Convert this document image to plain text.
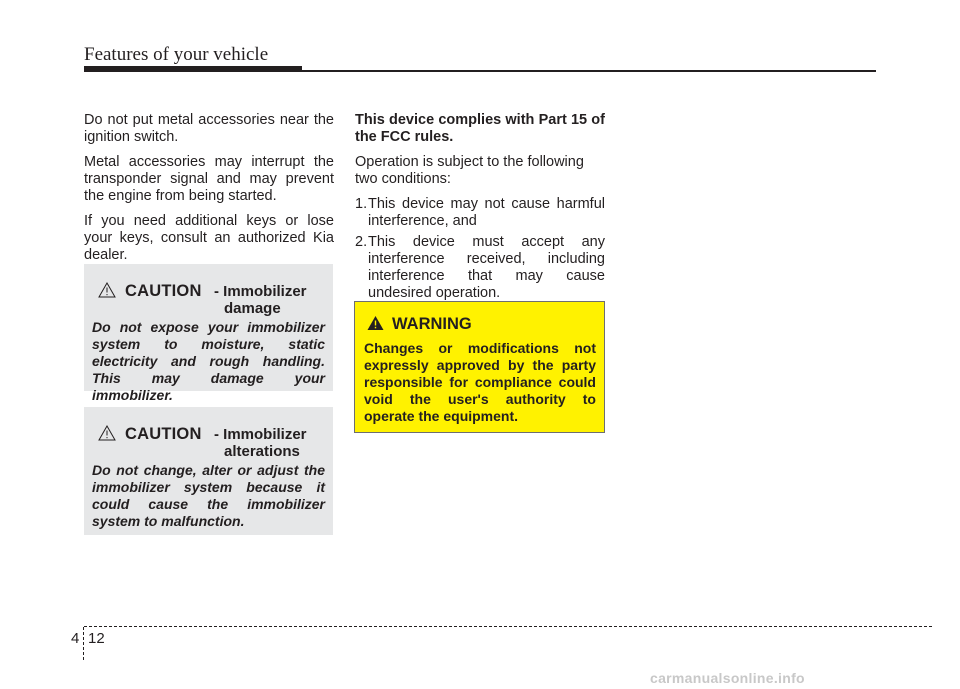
Features of your vehicle

Do not put metal accessories near the ignition switch.

Metal accessories may interrupt the transponder signal and may prevent the engine from being started.

If you need additional keys or lose your keys, consult an authorized Kia dealer.

CAUTION - Immobilizer
damage

Do not expose your immobilizer system to moisture, static electricity and rough handling. This may damage your immobilizer.

CAUTION - Immobilizer
alterations

Do not change, alter or adjust the immobilizer system because it could cause the immobilizer system to malfunction.

This device complies with Part 15 of the FCC rules.

Operation is subject to the following two conditions:

1. This device may not cause harmful interference, and
2. This device must accept any interference received, including interference that may cause undesired operation.
WARNING

Changes or modifications not expressly approved by the party responsible for compliance could void the user's authority to operate the equipment.

4 12
carmanualsonline.info
